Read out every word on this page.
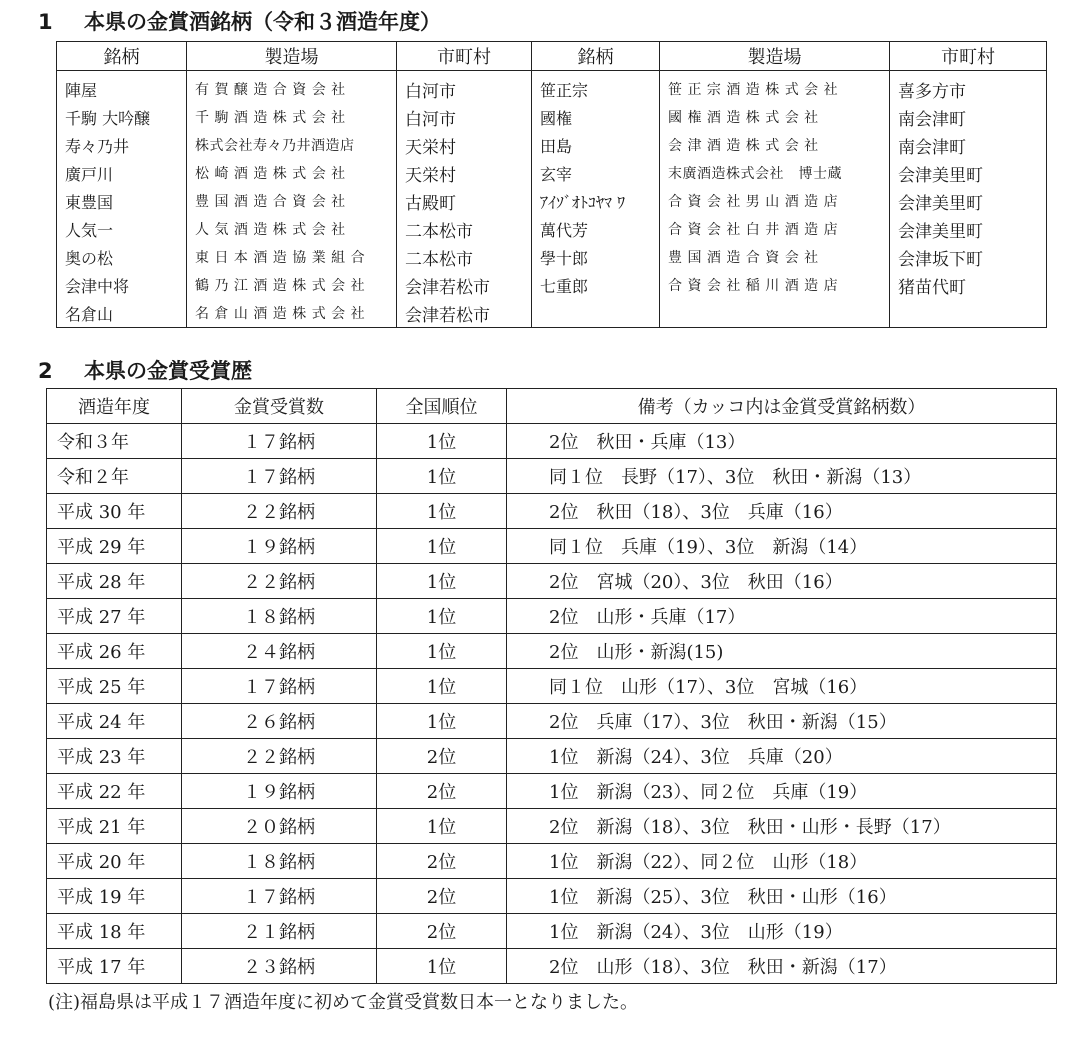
1 本県の金賞酒銘柄（令和３酒造年度）
銘柄	製造場	市町村	銘柄	製造場	市町村
陣屋	有 賀 醸 造 合 資 会 社	白河市	笹正宗	笹 正 宗 酒 造 株 式 会 社	喜多方市
千駒 大吟醸	千 駒 酒 造 株 式 会 社	白河市	國権	國 権 酒 造 株 式 会 社	南会津町
寿々乃井	株式会社寿々乃井酒造店	天栄村	田島	会 津 酒 造 株 式 会 社	南会津町
廣戸川	松 崎 酒 造 株 式 会 社	天栄村	玄宰	末廣酒造株式会社　博士蔵	会津美里町
東豊国	豊 国 酒 造 合 資 会 社	古殿町	ｱｲｿﾞｵﾄｺﾔﾏ ﾜ	合 資 会 社 男 山 酒 造 店	会津美里町
人気一	人 気 酒 造 株 式 会 社	二本松市	萬代芳	合 資 会 社 白 井 酒 造 店	会津美里町
奥の松	東 日 本 酒 造 協 業 組 合	二本松市	學十郎	豊 国 酒 造 合 資 会 社	会津坂下町
会津中将	鶴 乃 江 酒 造 株 式 会 社	会津若松市	七重郎	合 資 会 社 稲 川 酒 造 店	猪苗代町
名倉山	名 倉 山 酒 造 株 式 会 社	会津若松市			
2 本県の金賞受賞歴
酒造年度	金賞受賞数	全国順位	備考（カッコ内は金賞受賞銘柄数）
令和３年	１７銘柄	1位	2位　秋田・兵庫（13）
令和２年	１７銘柄	1位	同１位　長野（17）、3位　秋田・新潟（13）
平成 30 年	２２銘柄	1位	2位　秋田（18）、3位　兵庫（16）
平成 29 年	１９銘柄	1位	同１位　兵庫（19）、3位　新潟（14）
平成 28 年	２２銘柄	1位	2位　宮城（20）、3位　秋田（16）
平成 27 年	１８銘柄	1位	2位　山形・兵庫（17）
平成 26 年	２４銘柄	1位	2位　山形・新潟(15)
平成 25 年	１７銘柄	1位	同１位　山形（17）、3位　宮城（16）
平成 24 年	２６銘柄	1位	2位　兵庫（17）、3位　秋田・新潟（15）
平成 23 年	２２銘柄	2位	1位　新潟（24）、3位　兵庫（20）
平成 22 年	１９銘柄	2位	1位　新潟（23）、同２位　兵庫（19）
平成 21 年	２０銘柄	1位	2位　新潟（18）、3位　秋田・山形・長野（17）
平成 20 年	１８銘柄	2位	1位　新潟（22）、同２位　山形（18）
平成 19 年	１７銘柄	2位	1位　新潟（25）、3位　秋田・山形（16）
平成 18 年	２１銘柄	2位	1位　新潟（24）、3位　山形（19）
平成 17 年	２３銘柄	1位	2位　山形（18）、3位　秋田・新潟（17）
(注)福島県は平成１７酒造年度に初めて金賞受賞数日本一となりました。
